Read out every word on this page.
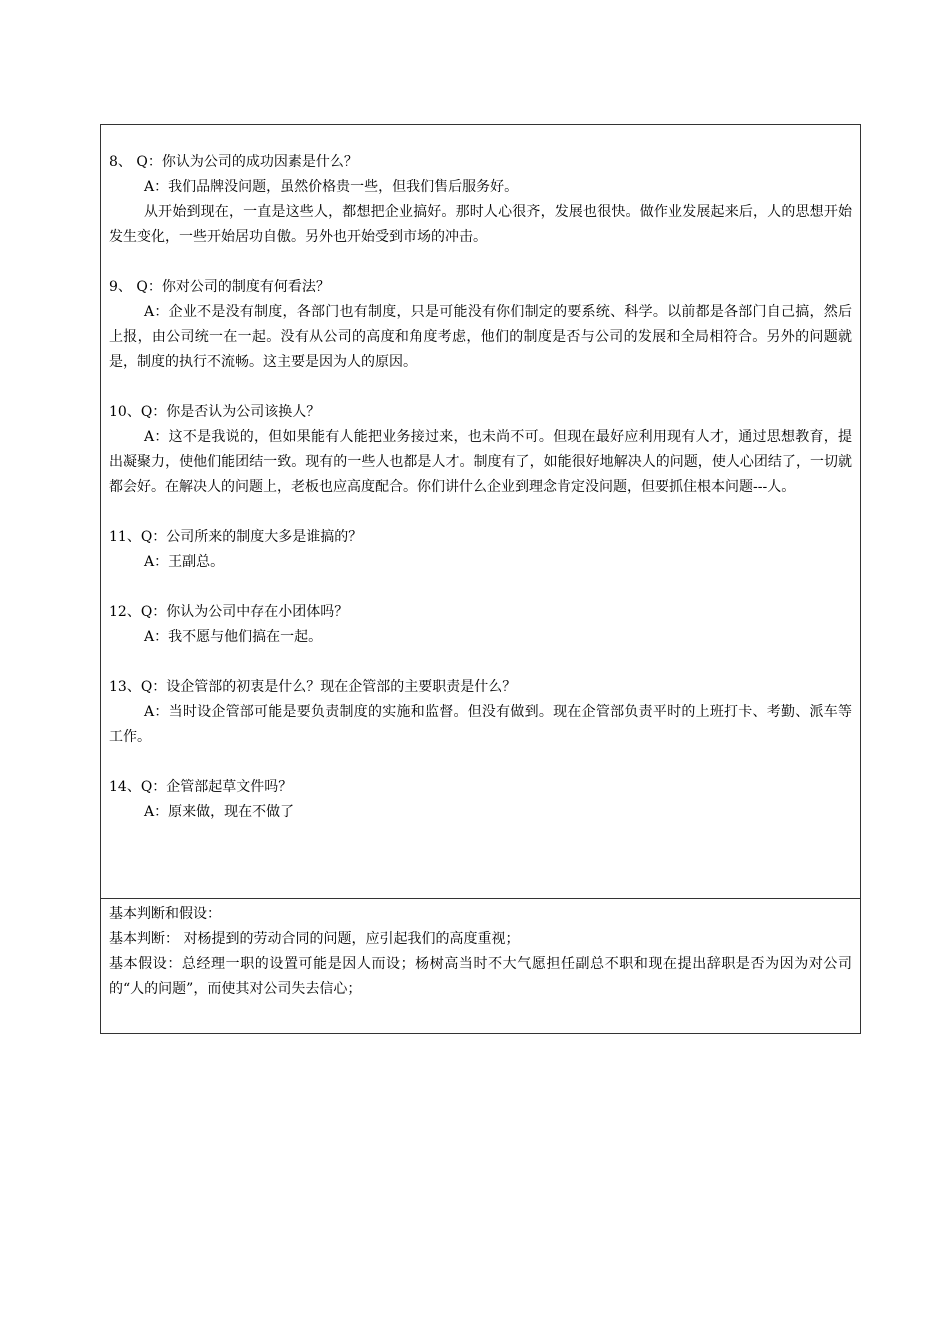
8、 Q：你认为公司的成功因素是什么？

A：我们品牌没问题，虽然价格贵一些，但我们售后服务好。

从开始到现在，一直是这些人，都想把企业搞好。那时人心很齐，发展也很快。做作业发展起来后，人的思想开始发生变化，一些开始居功自傲。另外也开始受到市场的冲击。

9、 Q：你对公司的制度有何看法？

A：企业不是没有制度，各部门也有制度，只是可能没有你们制定的要系统、科学。以前都是各部门自己搞，然后上报，由公司统一在一起。没有从公司的高度和角度考虑，他们的制度是否与公司的发展和全局相符合。另外的问题就是，制度的执行不流畅。这主要是因为人的原因。

10、Q：你是否认为公司该换人？

A：这不是我说的，但如果能有人能把业务接过来，也未尚不可。但现在最好应利用现有人才，通过思想教育，提出凝聚力，使他们能团结一致。现有的一些人也都是人才。制度有了，如能很好地解决人的问题，使人心团结了，一切就都会好。在解决人的问题上，老板也应高度配合。你们讲什么企业到理念肯定没问题，但要抓住根本问题---人。

11、Q：公司所来的制度大多是谁搞的？

A：王副总。

12、Q：你认为公司中存在小团体吗？

A：我不愿与他们搞在一起。

13、Q：设企管部的初衷是什么？现在企管部的主要职责是什么？

A：当时设企管部可能是要负责制度的实施和监督。但没有做到。现在企管部负责平时的上班打卡、考勤、派车等工作。

14、Q：企管部起草文件吗？

A：原来做，现在不做了

基本判断和假设：

基本判断： 对杨提到的劳动合同的问题，应引起我们的高度重视；

基本假设：总经理一职的设置可能是因人而设；杨树高当时不大气愿担任副总不职和现在提出辞职是否为因为对公司的“人的问题”，而使其对公司失去信心；
